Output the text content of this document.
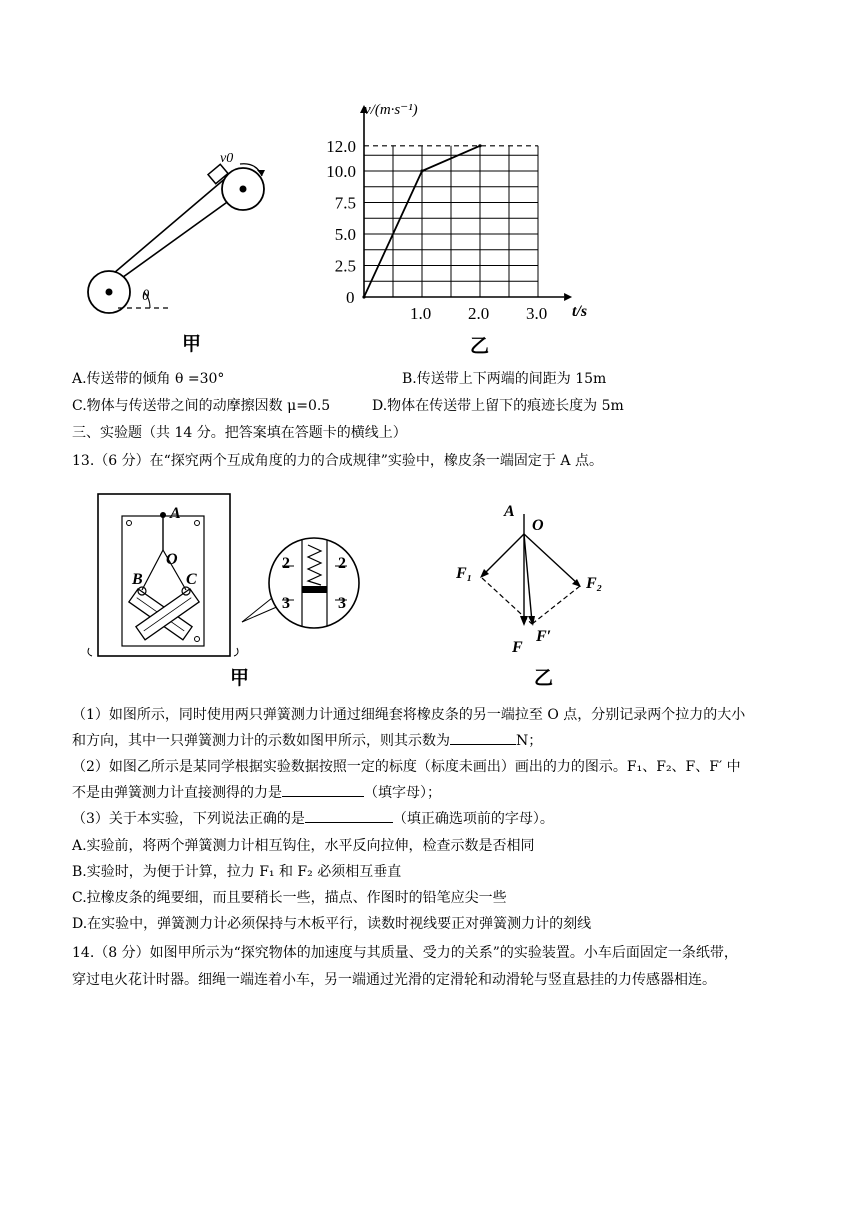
v0
θ
甲
0
1.0 2.0 3.0
2.5
5.0
7.5
10.0
12.0
v/(m·s⁻¹)
t/s
乙
A.传送带的倾角 θ =30°	B.传送带上下两端的间距为 15m
C.物体与传送带之间的动摩擦因数 μ=0.5	D.物体在传送带上留下的痕迹长度为 5m
三、实验题（共 14 分。把答案填在答题卡的横线上）
13.（6 分）在“探究两个互成角度的力的合成规律”实验中，橡皮条一端固定于 A 点。
A
O
B	C
2	2
3	3
甲
A
O
F₁
F₂
F
F′
乙
（1）如图所示，同时使用两只弹簧测力计通过细绳套将橡皮条的另一端拉至 O 点，分别记录两个拉力的大小
和方向，其中一只弹簧测力计的示数如图甲所示，则其示数为	N；
（2）如图乙所示是某同学根据实验数据按照一定的标度（标度未画出）画出的力的图示。F₁、F₂、F、F′ 中
不是由弹簧测力计直接测得的力是	（填字母）；
（3）关于本实验，下列说法正确的是	（填正确选项前的字母）。
A.实验前，将两个弹簧测力计相互钩住，水平反向拉伸，检查示数是否相同
B.实验时，为便于计算，拉力 F₁ 和 F₂ 必须相互垂直
C.拉橡皮条的绳要细，而且要稍长一些，描点、作图时的铅笔应尖一些
D.在实验中，弹簧测力计必须保持与木板平行，读数时视线要正对弹簧测力计的刻线
14.（8 分）如图甲所示为“探究物体的加速度与其质量、受力的关系”的实验装置。小车后面固定一条纸带，
穿过电火花计时器。细绳一端连着小车，另一端通过光滑的定滑轮和动滑轮与竖直悬挂的力传感器相连。
